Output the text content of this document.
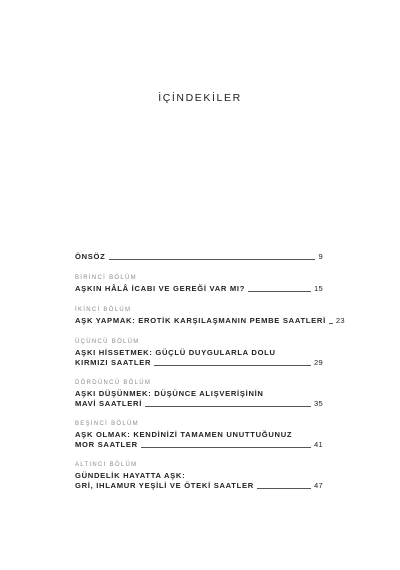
İÇİNDEKİLER
ÖNSÖZ	9
BİRİNCİ BÖLÜM
AŞKIN HÂLÂ İCABI VE GEREĞİ VAR MI?	15
İKİNCİ BÖLÜM
AŞK YAPMAK: EROTİK KARŞILAŞMANIN PEMBE SAATLERİ 23
ÜÇÜNCÜ BÖLÜM
AŞKI HİSSETMEK: GÜÇLÜ DUYGULARLA DOLU
KIRMIZI SAATLER	29
DÖRDÜNCÜ BÖLÜM
AŞKI DÜŞÜNMEK: DÜŞÜNCE ALIŞVERİŞİNİN
MAVİ SAATLERİ	35
BEŞİNCİ BÖLÜM
AŞK OLMAK: KENDİNİZİ TAMAMEN UNUTTUĞUNUZ
MOR SAATLER	41
ALTINCI BÖLÜM
GÜNDELİK HAYATTA AŞK:
GRİ, IHLAMUR YEŞİLİ VE ÖTEKİ SAATLER	47
